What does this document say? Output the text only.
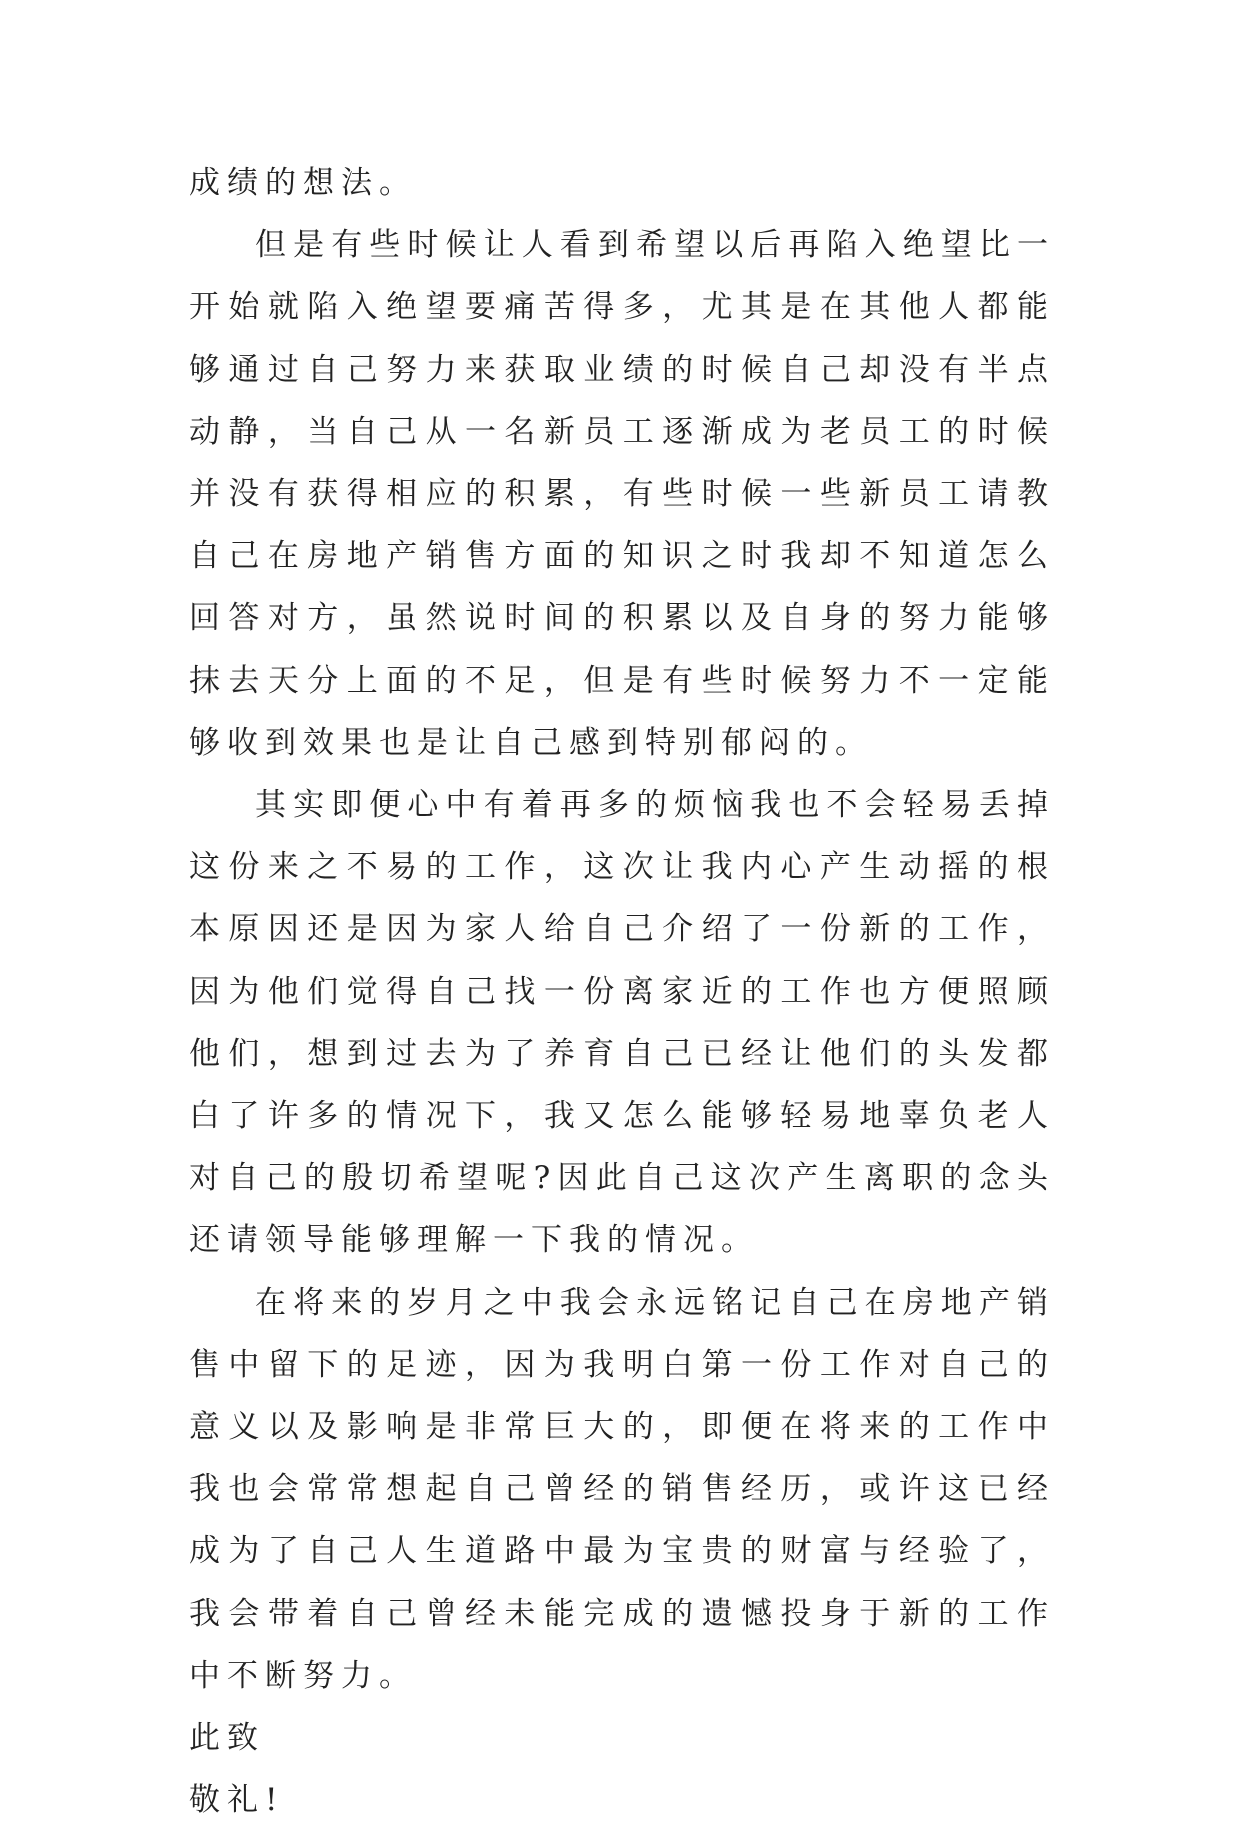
成绩的想法。

但是有些时候让人看到希望以后再陷入绝望比一开始就陷入绝望要痛苦得多，尤其是在其他人都能够通过自己努力来获取业绩的时候自己却没有半点动静，当自己从一名新员工逐渐成为老员工的时候并没有获得相应的积累，有些时候一些新员工请教自己在房地产销售方面的知识之时我却不知道怎么回答对方，虽然说时间的积累以及自身的努力能够抹去天分上面的不足，但是有些时候努力不一定能够收到效果也是让自己感到特别郁闷的。

其实即便心中有着再多的烦恼我也不会轻易丢掉这份来之不易的工作，这次让我内心产生动摇的根本原因还是因为家人给自己介绍了一份新的工作，因为他们觉得自己找一份离家近的工作也方便照顾他们，想到过去为了养育自己已经让他们的头发都白了许多的情况下，我又怎么能够轻易地辜负老人对自己的殷切希望呢?因此自己这次产生离职的念头还请领导能够理解一下我的情况。

在将来的岁月之中我会永远铭记自己在房地产销售中留下的足迹，因为我明白第一份工作对自己的意义以及影响是非常巨大的，即便在将来的工作中我也会常常想起自己曾经的销售经历，或许这已经成为了自己人生道路中最为宝贵的财富与经验了，我会带着自己曾经未能完成的遗憾投身于新的工作中不断努力。

此致

敬礼!
